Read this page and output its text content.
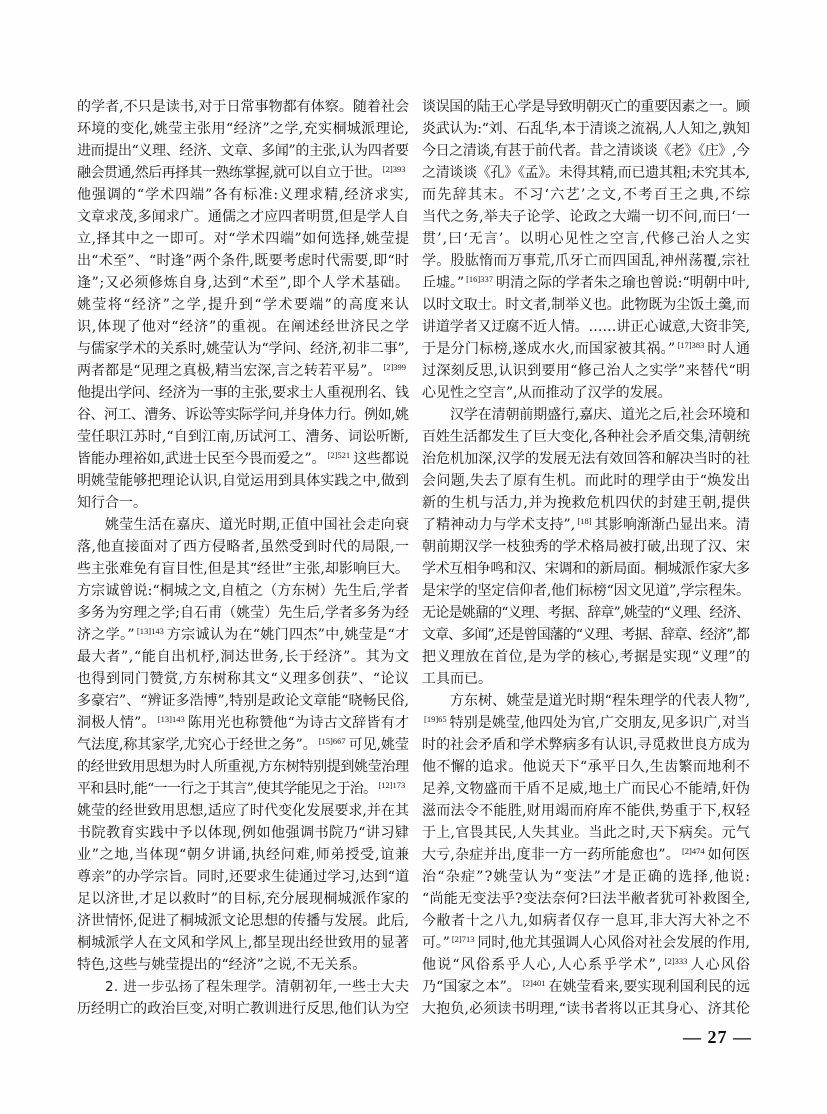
的学者,不只是读书,对于日常事物都有体察。随着社会
环境的变化,姚莹主张用“经济”之学,充实桐城派理论,
进而提出“义理、经济、文章、多闻”的主张,认为四者要
融会贯通,然后再择其一熟练掌握,就可以自立于世。 $^{[2]393}$
他强调的“学术四端”各有标准:义理求精,经济求实,
文章求茂,多闻求广。通儒之才应四者明贯,但是学人自
立,择其中之一即可。对“学术四端”如何选择,姚莹提
出“术至”、“时逢”两个条件,既要考虑时代需要,即“时
逢”;又必须修炼自身,达到“术至”,即个人学术基础。
姚莹将“经济”之学,提升到“学术要端”的高度来认
识,体现了他对“经济”的重视。在阐述经世济民之学
与儒家学术的关系时,姚莹认为“学问、经济,初非二事”,
两者都是“见理之真极,精当宏深,言之转若平易”。 $^{[2]399}$
他提出学问、经济为一事的主张,要求士人重视刑名、钱
谷、河工、漕务、诉讼等实际学问,并身体力行。例如,姚
莹任职江苏时,“自到江南,历试河工、漕务、词讼听断,
皆能办理裕如,武进士民至今畏而爱之”。 $^{[2]521}$ 这些都说
明姚莹能够把理论认识,自觉运用到具体实践之中,做到
知行合一。
姚莹生活在嘉庆、道光时期,正值中国社会走向衰
落,他直接面对了西方侵略者,虽然受到时代的局限,一
些主张难免有盲目性,但是其“经世”主张,却影响巨大。
方宗诚曾说:“桐城之文,自植之（方东树）先生后,学者
多务为穷理之学;自石甫（姚莹）先生后,学者多务为经
济之学。” $^{[13]143}$ 方宗诚认为在“姚门四杰”中,姚莹是“才
最大者”,“能自出机杼,洞达世务,长于经济”。其为文
也得到同门赞赏,方东树称其文“义理多创获”、“论议
多豪宕”、“辨证多浩博”,特别是政论文章能“晓畅民俗,
洞极人情”。 $^{[13]143}$ 陈用光也称赞他“为诗古文辞皆有才
气法度,称其家学,尤究心于经世之务”。 $^{[15]667}$ 可见,姚莹
的经世致用思想为时人所重视,方东树特别提到姚莹治理
平和县时,能“一一行之于其言”,使其学能见之于治。 $^{[12]173}$
姚莹的经世致用思想,适应了时代变化发展要求,并在其
书院教育实践中予以体现,例如他强调书院乃“讲习肄
业”之地,当体现“朝夕讲诵,执经问难,师弟授受,谊兼
尊亲”的办学宗旨。同时,还要求生徒通过学习,达到“道
足以济世,才足以救时”的目标,充分展现桐城派作家的
济世情怀,促进了桐城派文论思想的传播与发展。此后,
桐城派学人在文风和学风上,都呈现出经世致用的显著
特色,这些与姚莹提出的“经济”之说,不无关系。
2. 进一步弘扬了程朱理学。清朝初年,一些士大夫
历经明亡的政治巨变,对明亡教训进行反思,他们认为空
谈误国的陆王心学是导致明朝灭亡的重要因素之一。顾
炎武认为:“刘、石乱华,本于清谈之流祸,人人知之,孰知
今日之清谈,有甚于前代者。昔之清谈谈《老》《庄》,今
之清谈谈《孔》《孟》。未得其精,而已遗其粗;未究其本,
而先辞其末。不习‘六艺’之文,不考百王之典,不综
当代之务,举夫子论学、论政之大端一切不问,而曰‘一
贯’,曰‘无言’。以明心见性之空言,代修己治人之实
学。股肱惰而万事荒,爪牙亡而四国乱,神州荡覆,宗社
丘墟。” $^{[16]337}$ 明清之际的学者朱之瑜也曾说:“明朝中叶,
以时文取士。时文者,制举义也。此物既为尘饭土羹,而
讲道学者又迂腐不近人情。……讲正心诚意,大资非笑,
于是分门标榜,遂成水火,而国家被其祸。” $^{[17]383}$ 时人通
过深刻反思,认识到要用“修己治人之实学”来替代“明
心见性之空言”,从而推动了汉学的发展。
汉学在清朝前期盛行,嘉庆、道光之后,社会环境和
百姓生活都发生了巨大变化,各种社会矛盾交集,清朝统
治危机加深,汉学的发展无法有效回答和解决当时的社
会问题,失去了原有生机。而此时的理学由于“焕发出
新的生机与活力,并为挽救危机四伏的封建王朝,提供
了精神动力与学术支持”, [18] 其影响渐渐凸显出来。清
朝前期汉学一枝独秀的学术格局被打破,出现了汉、宋
学术互相争鸣和汉、宋调和的新局面。桐城派作家大多
是宋学的坚定信仰者,他们标榜“因文见道”,学宗程朱。
无论是姚鼐的“义理、考据、辞章”,姚莹的“义理、经济、
文章、多闻”,还是曾国藩的“义理、考据、辞章、经济”,都
把义理放在首位,是为学的核心,考据是实现“义理”的
工具而已。
方东树、姚莹是道光时期“程朱理学的代表人物”,
$^{[19]65}$ 特别是姚莹,他四处为官,广交朋友,见多识广,对当
时的社会矛盾和学术弊病多有认识,寻觅救世良方成为
他不懈的追求。他说天下“承平日久,生齿繁而地利不
足养,文物盛而干盾不足威,地土广而民心不能靖,奸伪
滋而法令不能胜,财用竭而府库不能供,势重于下,权轻
于上,官畏其民,人失其业。当此之时,天下病矣。元气
大亏,杂症并出,度非一方一药所能愈也”。 $^{[2]474}$ 如何医
治“杂症”?姚莹认为“变法”才是正确的选择,他说:
“尚能无变法乎?变法奈何?曰法半敝者犹可补救图全,
今敝者十之八九,如病者仅存一息耳,非大泻大补之不
可。” $^{[2]713}$ 同时,他尤其强调人心风俗对社会发展的作用,
他说“风俗系乎人心,人心系乎学术”, $^{[2]333}$ 人心风俗
乃“国家之本”。 $^{[2]401}$ 在姚莹看来,要实现利国利民的远
大抱负,必须读书明理,“读书者将以正其身心、济其伦
— 27 —
